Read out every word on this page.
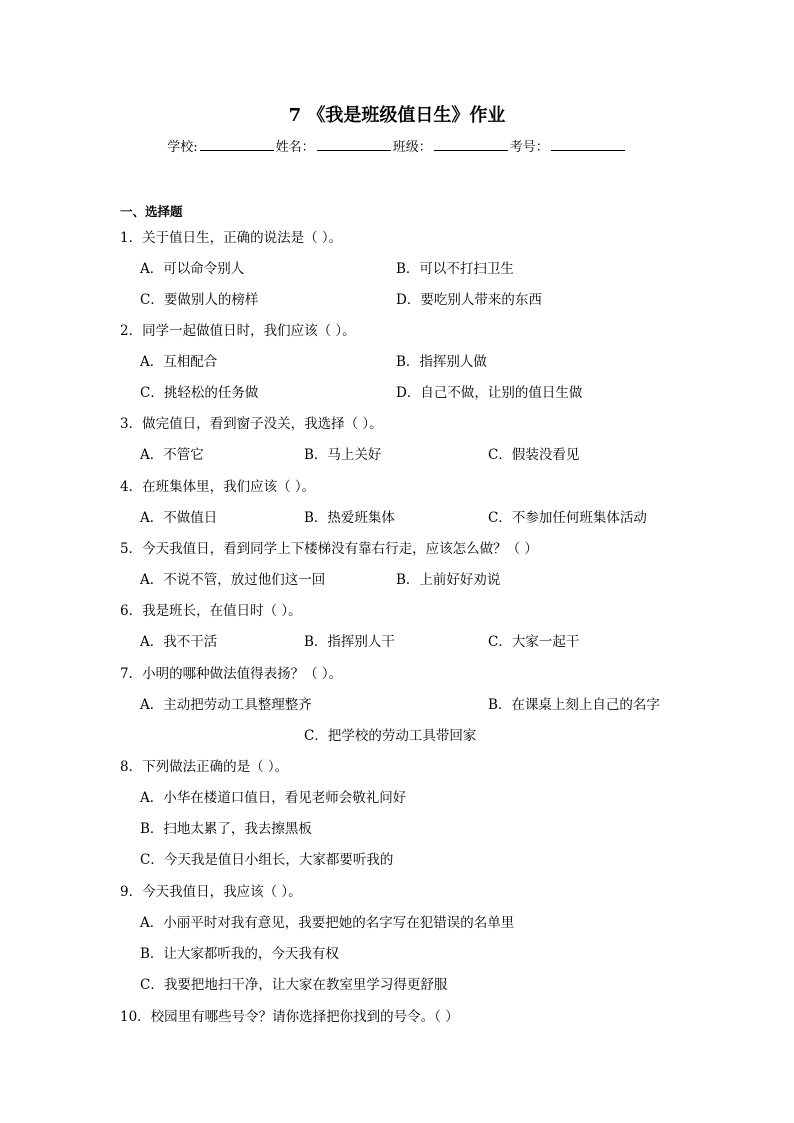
7 《我是班级值日生》作业
学校:	姓名：	班级：	考号：
一、选择题
1．关于值日生，正确的说法是（ ）。
A．可以命令别人	B．可以不打扫卫生
C．要做别人的榜样	D．要吃别人带来的东西
2．同学一起做值日时，我们应该（ ）。
A．互相配合	B．指挥别人做
C．挑轻松的任务做	D．自己不做，让别的值日生做
3．做完值日，看到窗子没关，我选择（ ）。
A．不管它	B．马上关好	C．假装没看见
4．在班集体里，我们应该（ ）。
A．不做值日	B．热爱班集体	C．不参加任何班集体活动
5．今天我值日，看到同学上下楼梯没有靠右行走，应该怎么做？（ ）
A．不说不管，放过他们这一回	B．上前好好劝说
6．我是班长，在值日时（ ）。
A．我不干活	B．指挥别人干	C．大家一起干
7．小明的哪种做法值得表扬？（ ）。
A．主动把劳动工具整理整齐	B．在课桌上刻上自己的名字
C．把学校的劳动工具带回家
8．下列做法正确的是（ ）。
A．小华在楼道口值日，看见老师会敬礼问好
B．扫地太累了，我去擦黑板
C．今天我是值日小组长，大家都要听我的
9．今天我值日，我应该（ ）。
A．小丽平时对我有意见，我要把她的名字写在犯错误的名单里
B．让大家都听我的，今天我有权
C．我要把地扫干净，让大家在教室里学习得更舒服
10．校园里有哪些号令？请你选择把你找到的号令。（ ）
